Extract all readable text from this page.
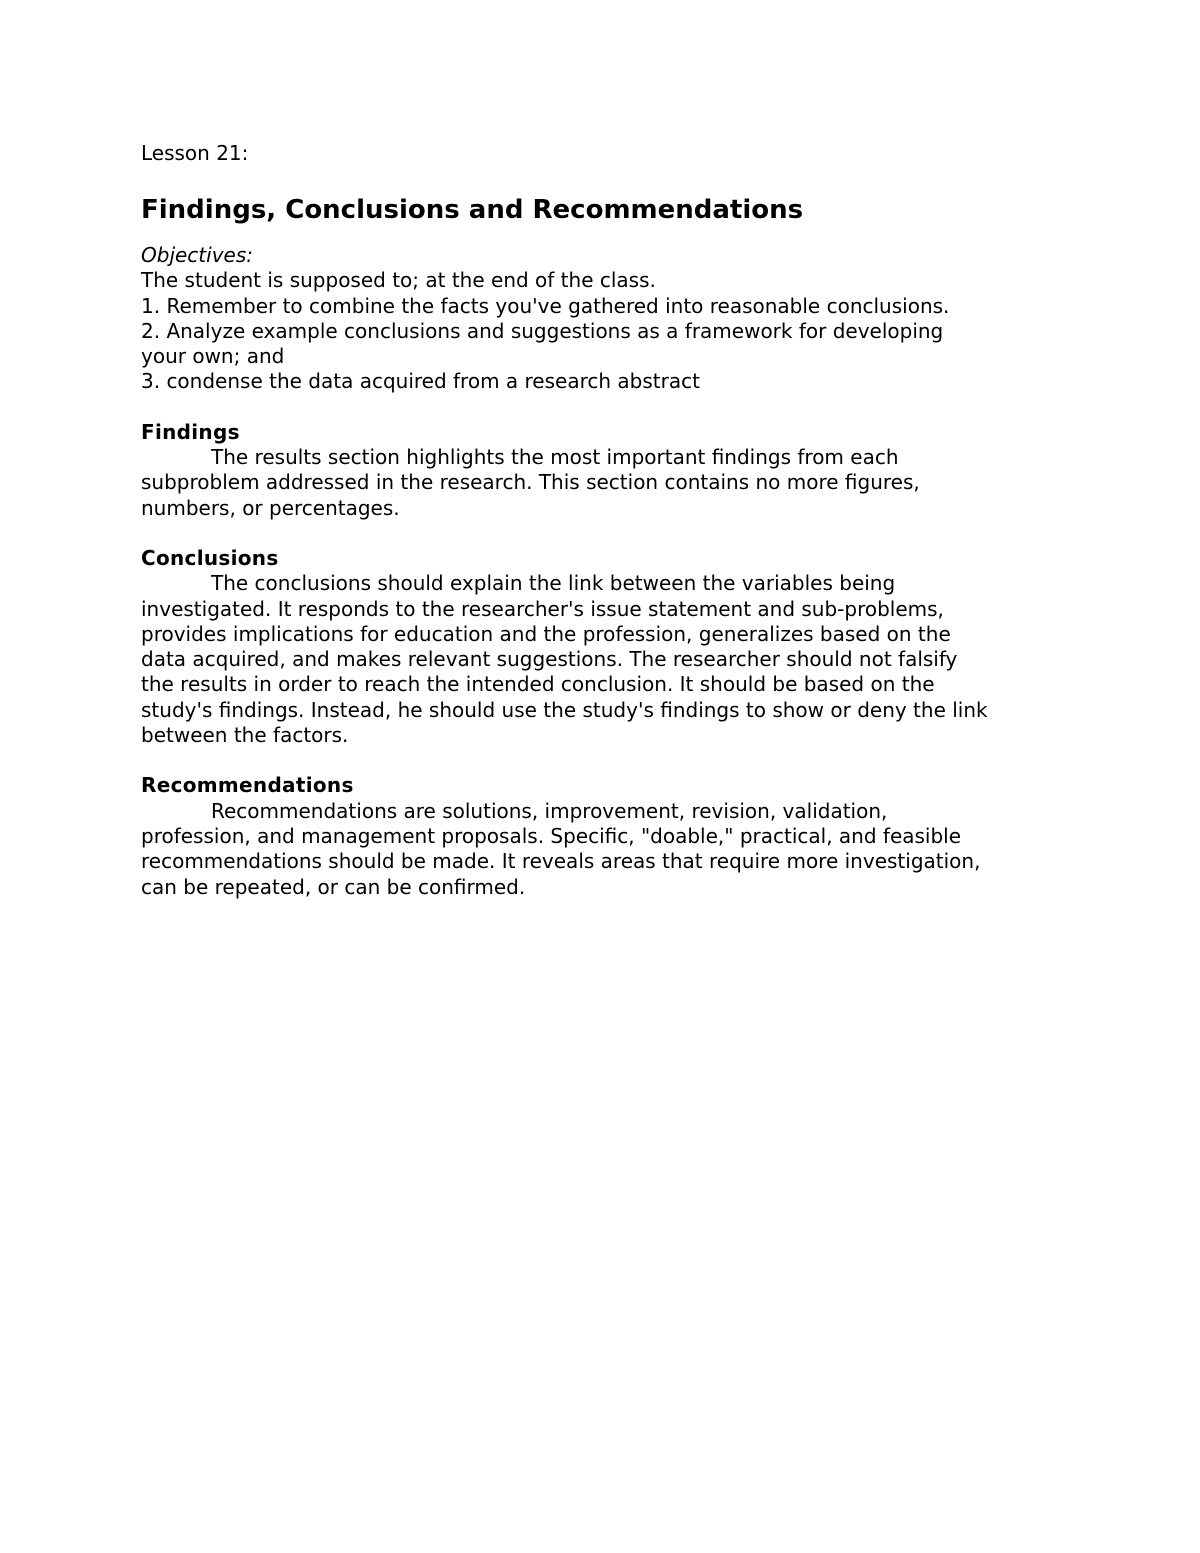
Lesson 21:

Findings, Conclusions and Recommendations
Objectives:
The student is supposed to; at the end of the class.
1. Remember to combine the facts you've gathered into reasonable conclusions.
2. Analyze example conclusions and suggestions as a framework for developing
your own; and
3. condense the data acquired from a research abstract
Findings
The results section highlights the most important findings from each
subproblem addressed in the research. This section contains no more figures,
numbers, or percentages.
Conclusions
The conclusions should explain the link between the variables being
investigated. It responds to the researcher's issue statement and sub-problems,
provides implications for education and the profession, generalizes based on the
data acquired, and makes relevant suggestions. The researcher should not falsify
the results in order to reach the intended conclusion. It should be based on the
study's findings. Instead, he should use the study's findings to show or deny the link
between the factors.
Recommendations
Recommendations are solutions, improvement, revision, validation,
profession, and management proposals. Specific, "doable," practical, and feasible
recommendations should be made. It reveals areas that require more investigation,
can be repeated, or can be confirmed.
